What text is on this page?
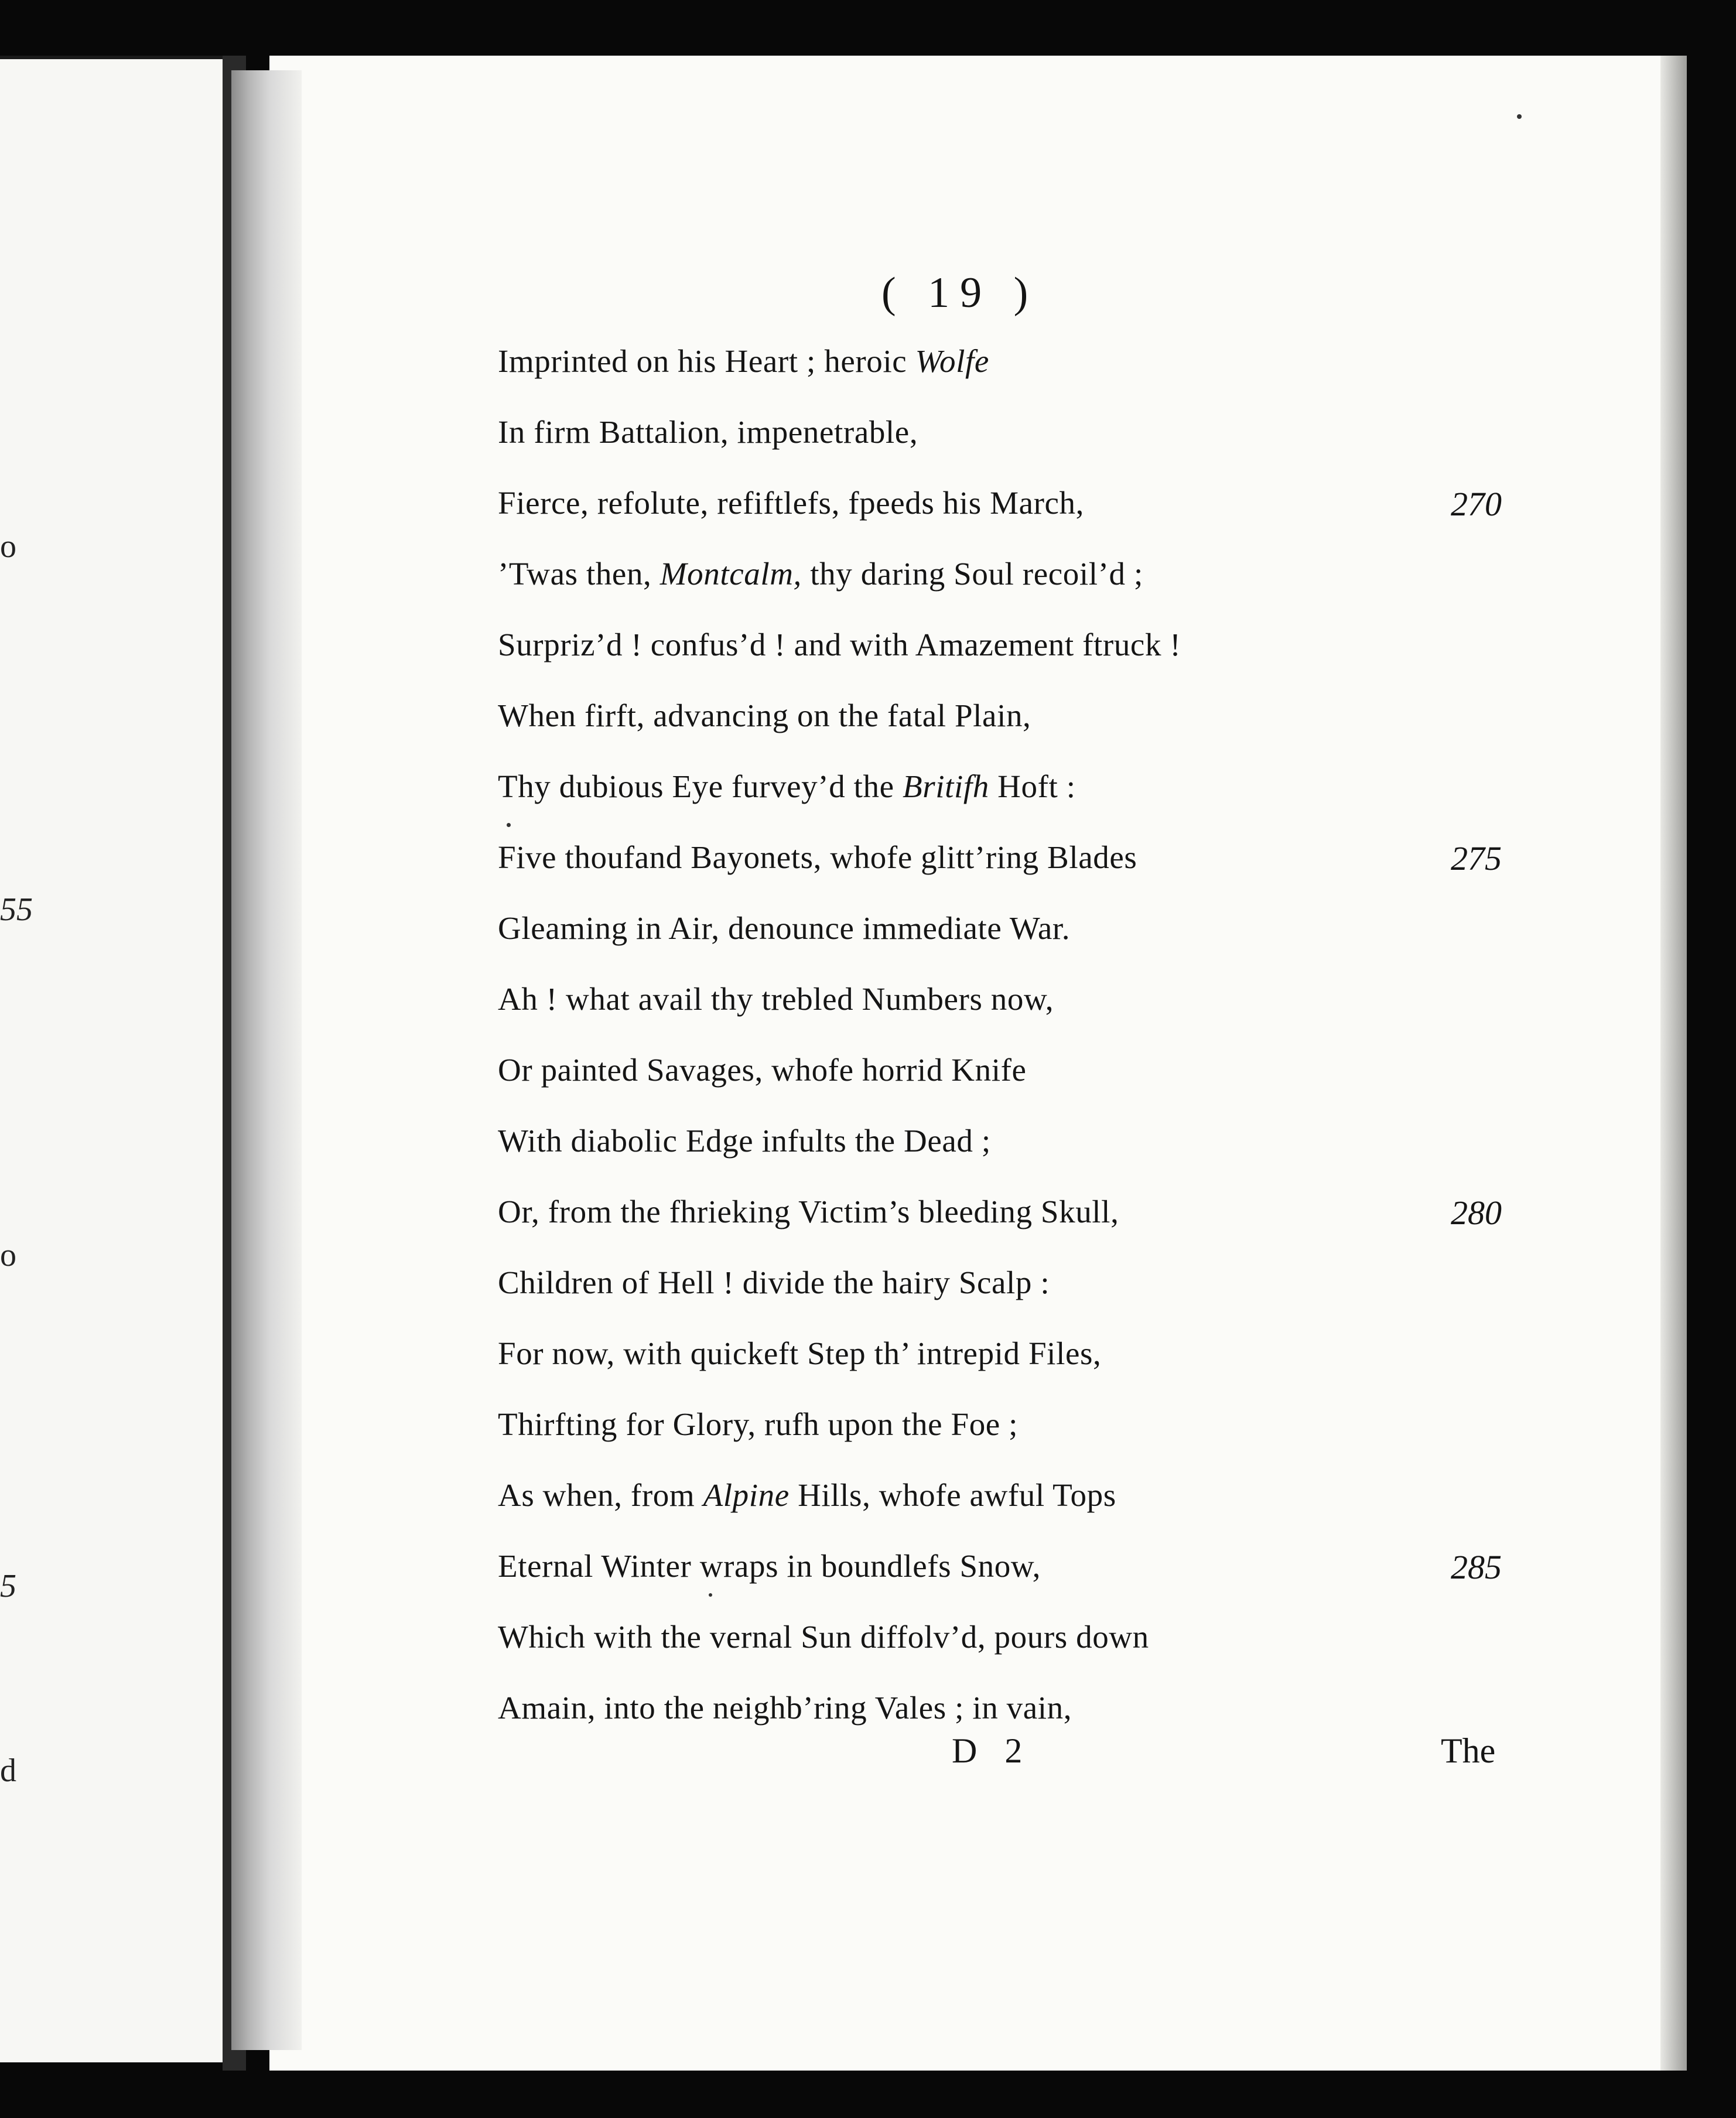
o
55
o
5
d
( 19 )
Imprinted on his Heart ; heroic Wolfe
In firm Battalion, impenetrable,
Fierce, refolute, refiftlefs, fpeeds his March,	270
’Twas then, Montcalm, thy daring Soul recoil’d ;
Surpriz’d ! confus’d ! and with Amazement ftruck !
When firft, advancing on the fatal Plain,
Thy dubious Eye furvey’d the Britifh Hoft :
Five thoufand Bayonets, whofe glitt’ring Blades	275
Gleaming in Air, denounce immediate War.
Ah ! what avail thy trebled Numbers now,
Or painted Savages, whofe horrid Knife
With diabolic Edge infults the Dead ;
Or, from the fhrieking Victim’s bleeding Skull,	280
Children of Hell ! divide the hairy Scalp :
For now, with quickeft Step th’ intrepid Files,
Thirfting for Glory, rufh upon the Foe ;
As when, from Alpine Hills, whofe awful Tops
Eternal Winter wraps in boundlefs Snow,	285
Which with the vernal Sun diffolv’d, pours down
Amain, into the neighb’ring Vales ; in vain,
D 2	The
